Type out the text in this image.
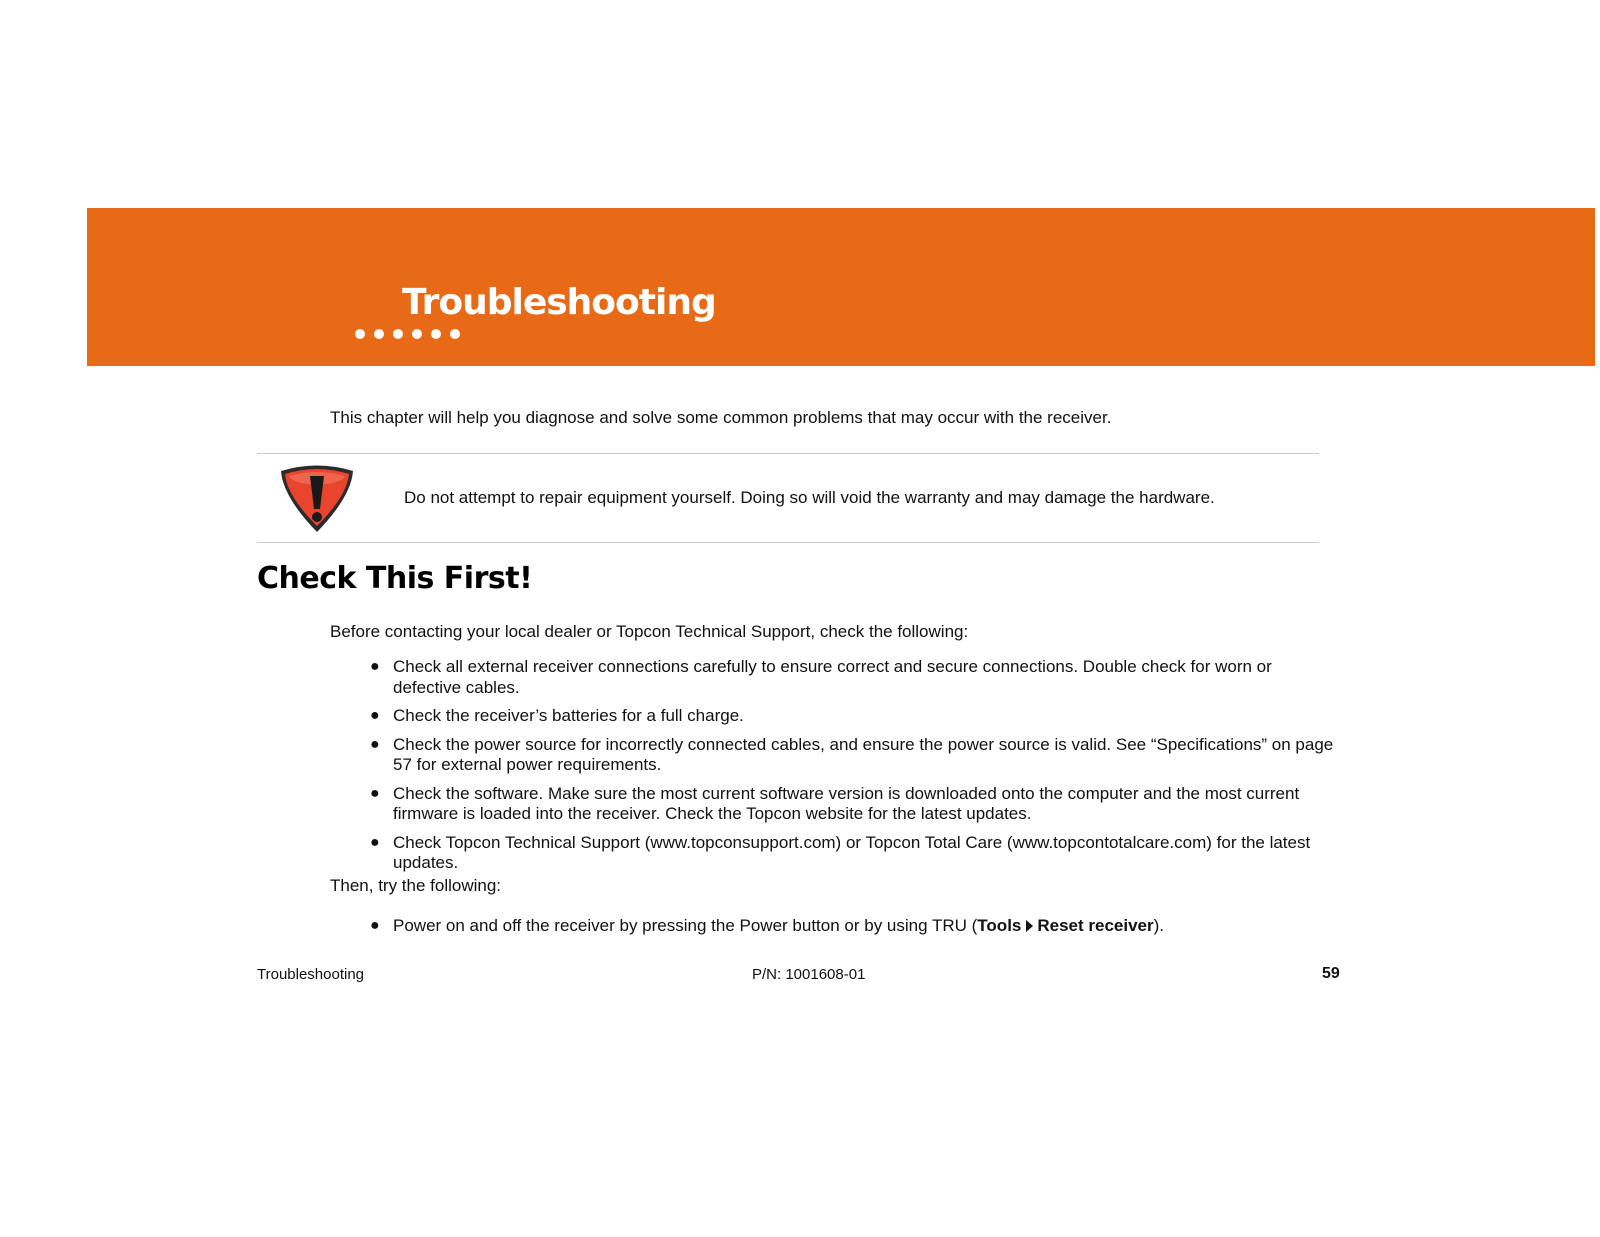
Troubleshooting
This chapter will help you diagnose and solve some common problems that may occur with the receiver.
Do not attempt to repair equipment yourself. Doing so will void the warranty and may damage the hardware.
Check This First!
Before contacting your local dealer or Topcon Technical Support, check the following:
● Check all external receiver connections carefully to ensure correct and secure connections. Double check for worn or defective cables.
● Check the receiver’s batteries for a full charge.
● Check the power source for incorrectly connected cables, and ensure the power source is valid. See “Specifications” on page 57 for external power requirements.
● Check the software. Make sure the most current software version is downloaded onto the computer and the most current firmware is loaded into the receiver. Check the Topcon website for the latest updates.
● Check Topcon Technical Support (www.topconsupport.com) or Topcon Total Care (www.topcontotalcare.com) for the latest updates.
Then, try the following:
● Power on and off the receiver by pressing the Power button or by using TRU (Tools Reset receiver).
Troubleshooting	P/N: 1001608-01	59
